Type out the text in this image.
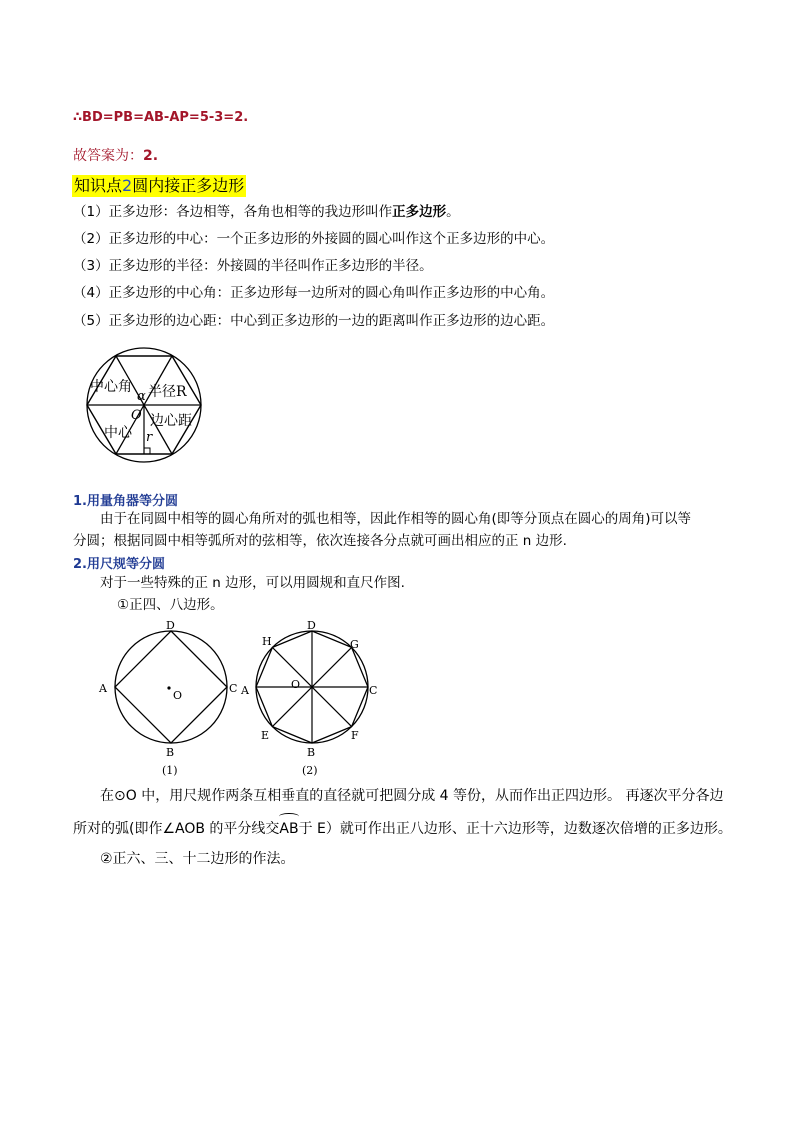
∴BD=PB=AB-AP=5-3=2.
故答案为：2.
知识点2圆内接正多边形
（1）正多边形：各边相等，各角也相等的我边形叫作正多边形。
（2）正多边形的中心：一个正多边形的外接圆的圆心叫作这个正多边形的中心。
（3）正多边形的半径：外接圆的半径叫作正多边形的半径。
（4）正多边形的中心角：正多边形每一边所对的圆心角叫作正多边形的中心角。
（5）正多边形的边心距：中心到正多边形的一边的距离叫作正多边形的边心距。
中心角
α 半径R
O 边心距
中心 r
1.用量角器等分圆
由于在同圆中相等的圆心角所对的弧也相等，因此作相等的圆心角(即等分顶点在圆心的周角)可以等
分圆；根据同圆中相等弧所对的弦相等，依次连接各分点就可画出相应的正 n 边形.
2.用尺规等分圆
对于一些特殊的正 n 边形，可以用圆规和直尺作图.
①正四、八边形。
D
A	C
O
B
(1)
H
D
G
A	O	C
E
B
F
(2)
在⊙O 中，用尺规作两条互相垂直的直径就可把圆分成 4 等份，从而作出正四边形。 再逐次平分各边
所对的弧(即作∠AOB 的平分线交
AB于 E）就可作出正八边形、正十六边形等，边数逐次倍增的正多边形。
②正六、三、十二边形的作法。
